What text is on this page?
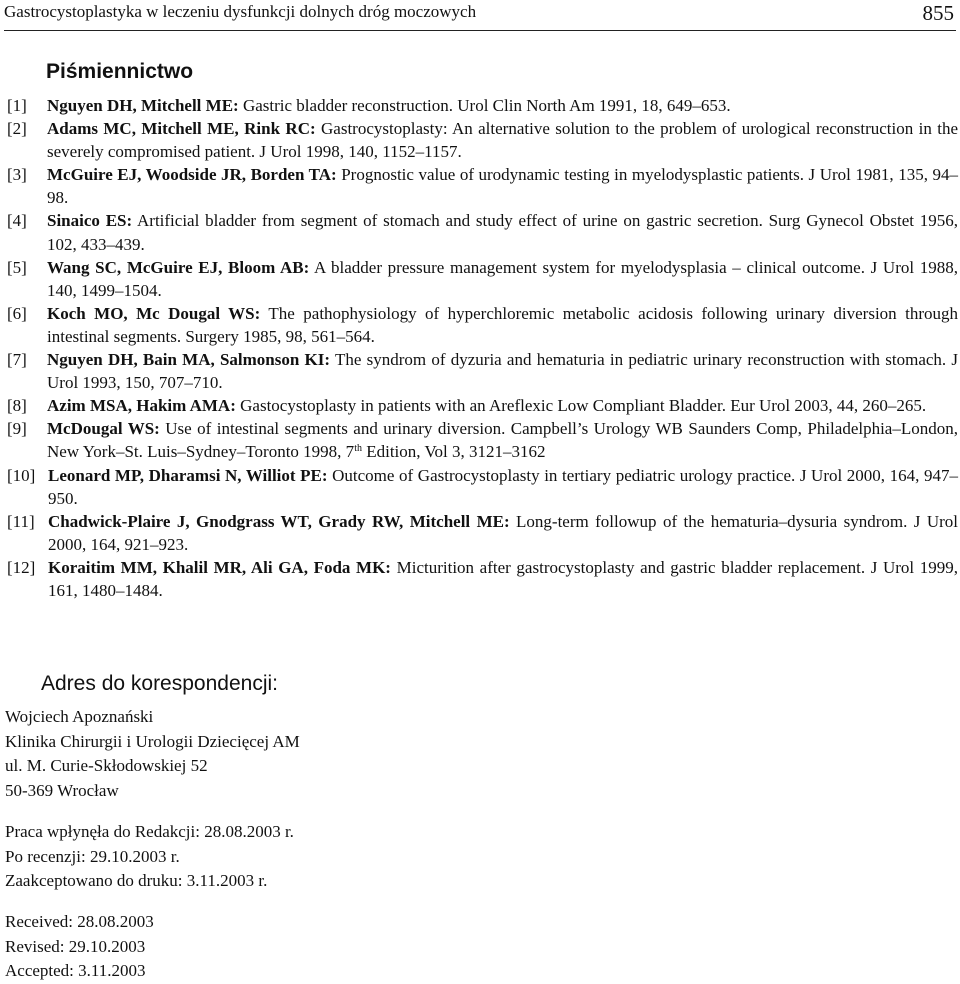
Gastrocystoplastyka w leczeniu dysfunkcji dolnych dróg moczowych	855
Piśmiennictwo
[1] Nguyen DH, Mitchell ME: Gastric bladder reconstruction. Urol Clin North Am 1991, 18, 649–653.
[2] Adams MC, Mitchell ME, Rink RC: Gastrocystoplasty: An alternative solution to the problem of urological reconstruction in the severely compromised patient. J Urol 1998, 140, 1152–1157.
[3] McGuire EJ, Woodside JR, Borden TA: Prognostic value of urodynamic testing in myelodysplastic patients. J Urol 1981, 135, 94–98.
[4] Sinaico ES: Artificial bladder from segment of stomach and study effect of urine on gastric secretion. Surg Gynecol Obstet 1956, 102, 433–439.
[5] Wang SC, McGuire EJ, Bloom AB: A bladder pressure management system for myelodysplasia – clinical outcome. J Urol 1988, 140, 1499–1504.
[6] Koch MO, Mc Dougal WS: The pathophysiology of hyperchloremic metabolic acidosis following urinary diversion through intestinal segments. Surgery 1985, 98, 561–564.
[7] Nguyen DH, Bain MA, Salmonson KI: The syndrom of dyzuria and hematuria in pediatric urinary reconstruction with stomach. J Urol 1993, 150, 707–710.
[8] Azim MSA, Hakim AMA: Gastocystoplasty in patients with an Areflexic Low Compliant Bladder. Eur Urol 2003, 44, 260–265.
[9] McDougal WS: Use of intestinal segments and urinary diversion. Campbell’s Urology WB Saunders Comp, Philadelphia–London, New York–St. Luis–Sydney–Toronto 1998, 7th Edition, Vol 3, 3121–3162
[10] Leonard MP, Dharamsi N, Williot PE: Outcome of Gastrocystoplasty in tertiary pediatric urology practice. J Urol 2000, 164, 947–950.
[11] Chadwick-Plaire J, Gnodgrass WT, Grady RW, Mitchell ME: Long-term followup of the hematuria–dysuria syndrom. J Urol 2000, 164, 921–923.
[12] Koraitim MM, Khalil MR, Ali GA, Foda MK: Micturition after gastrocystoplasty and gastric bladder replacement. J Urol 1999, 161, 1480–1484.
Adres do korespondencji:
Wojciech Apoznański
Klinika Chirurgii i Urologii Dziecięcej AM
ul. M. Curie-Skłodowskiej 52
50-369 Wrocław
Praca wpłynęła do Redakcji: 28.08.2003 r.
Po recenzji: 29.10.2003 r.
Zaakceptowano do druku: 3.11.2003 r.
Received: 28.08.2003
Revised: 29.10.2003
Accepted: 3.11.2003
